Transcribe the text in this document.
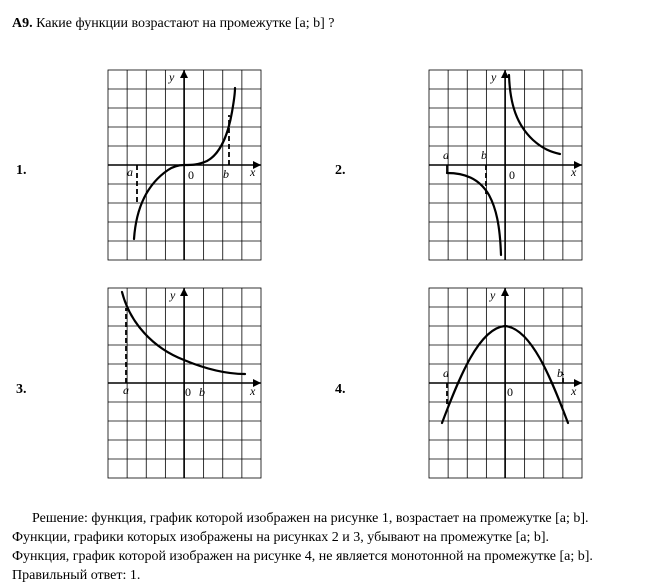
A9. Какие функции возрастают на промежутке [a; b] ?
1.
y
x
0
a	b	2.
y
x
0
a	b
3.
y
x
0
a	b	4.
y
x
0
a	b
Решение: функция, график которой изображен на рисунке 1, возрастает на промежутке [a; b].
Функции, графики которых изображены на рисунках 2 и 3, убывают на промежутке [a; b].
Функция, график которой изображен на рисунке 4, не является монотонной на промежутке [a; b].
Правильный ответ: 1.
